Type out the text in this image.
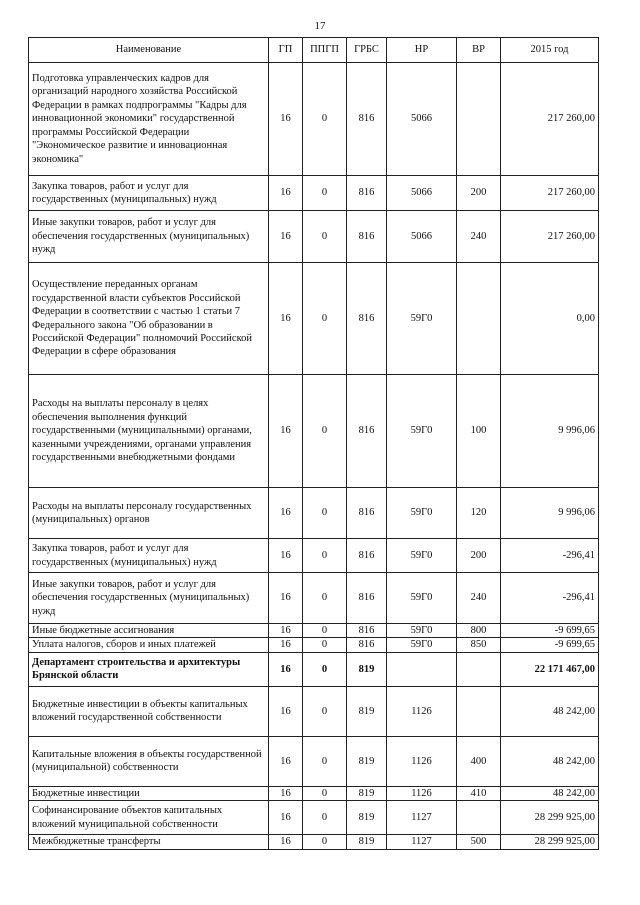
17
Наименование	ГП	ППГП	ГРБС	НР	ВР	2015 год
Подготовка управленческих кадров для организаций народного хозяйства Российской Федерации в рамках подпрограммы "Кадры для инновационной экономики" государственной программы Российской Федерации "Экономическое развитие и инновационная экономика"	16	0	816	5066		217 260,00
Закупка товаров, работ и услуг для государственных (муниципальных) нужд	16	0	816	5066	200	217 260,00
Иные закупки товаров, работ и услуг для обеспечения государственных (муниципальных) нужд	16	0	816	5066	240	217 260,00
Осуществление переданных органам государственной власти субъектов Российской Федерации в соответствии с частью 1 статьи 7 Федерального закона "Об образовании в Российской Федерации" полномочий Российской Федерации в сфере образования	16	0	816	59Г0		0,00
Расходы на выплаты персоналу в целях обеспечения выполнения функций государственными (муниципальными) органами, казенными учреждениями, органами управления государственными внебюджетными фондами	16	0	816	59Г0	100	9 996,06
Расходы на выплаты персоналу государственных (муниципальных) органов	16	0	816	59Г0	120	9 996,06
Закупка товаров, работ и услуг для государственных (муниципальных) нужд	16	0	816	59Г0	200	-296,41
Иные закупки товаров, работ и услуг для обеспечения государственных (муниципальных) нужд	16	0	816	59Г0	240	-296,41
Иные бюджетные ассигнования	16	0	816	59Г0	800	-9 699,65
Уплата налогов, сборов и иных платежей	16	0	816	59Г0	850	-9 699,65
Департамент строительства и архитектуры Брянской области	16	0	819			22 171 467,00
Бюджетные инвестиции в объекты капитальных вложений государственной собственности	16	0	819	1126		48 242,00
Капитальные вложения в объекты государственной (муниципальной) собственности	16	0	819	1126	400	48 242,00
Бюджетные инвестиции	16	0	819	1126	410	48 242,00
Софинансирование объектов капитальных вложений муниципальной собственности	16	0	819	1127		28 299 925,00
Межбюджетные трансферты	16	0	819	1127	500	28 299 925,00
